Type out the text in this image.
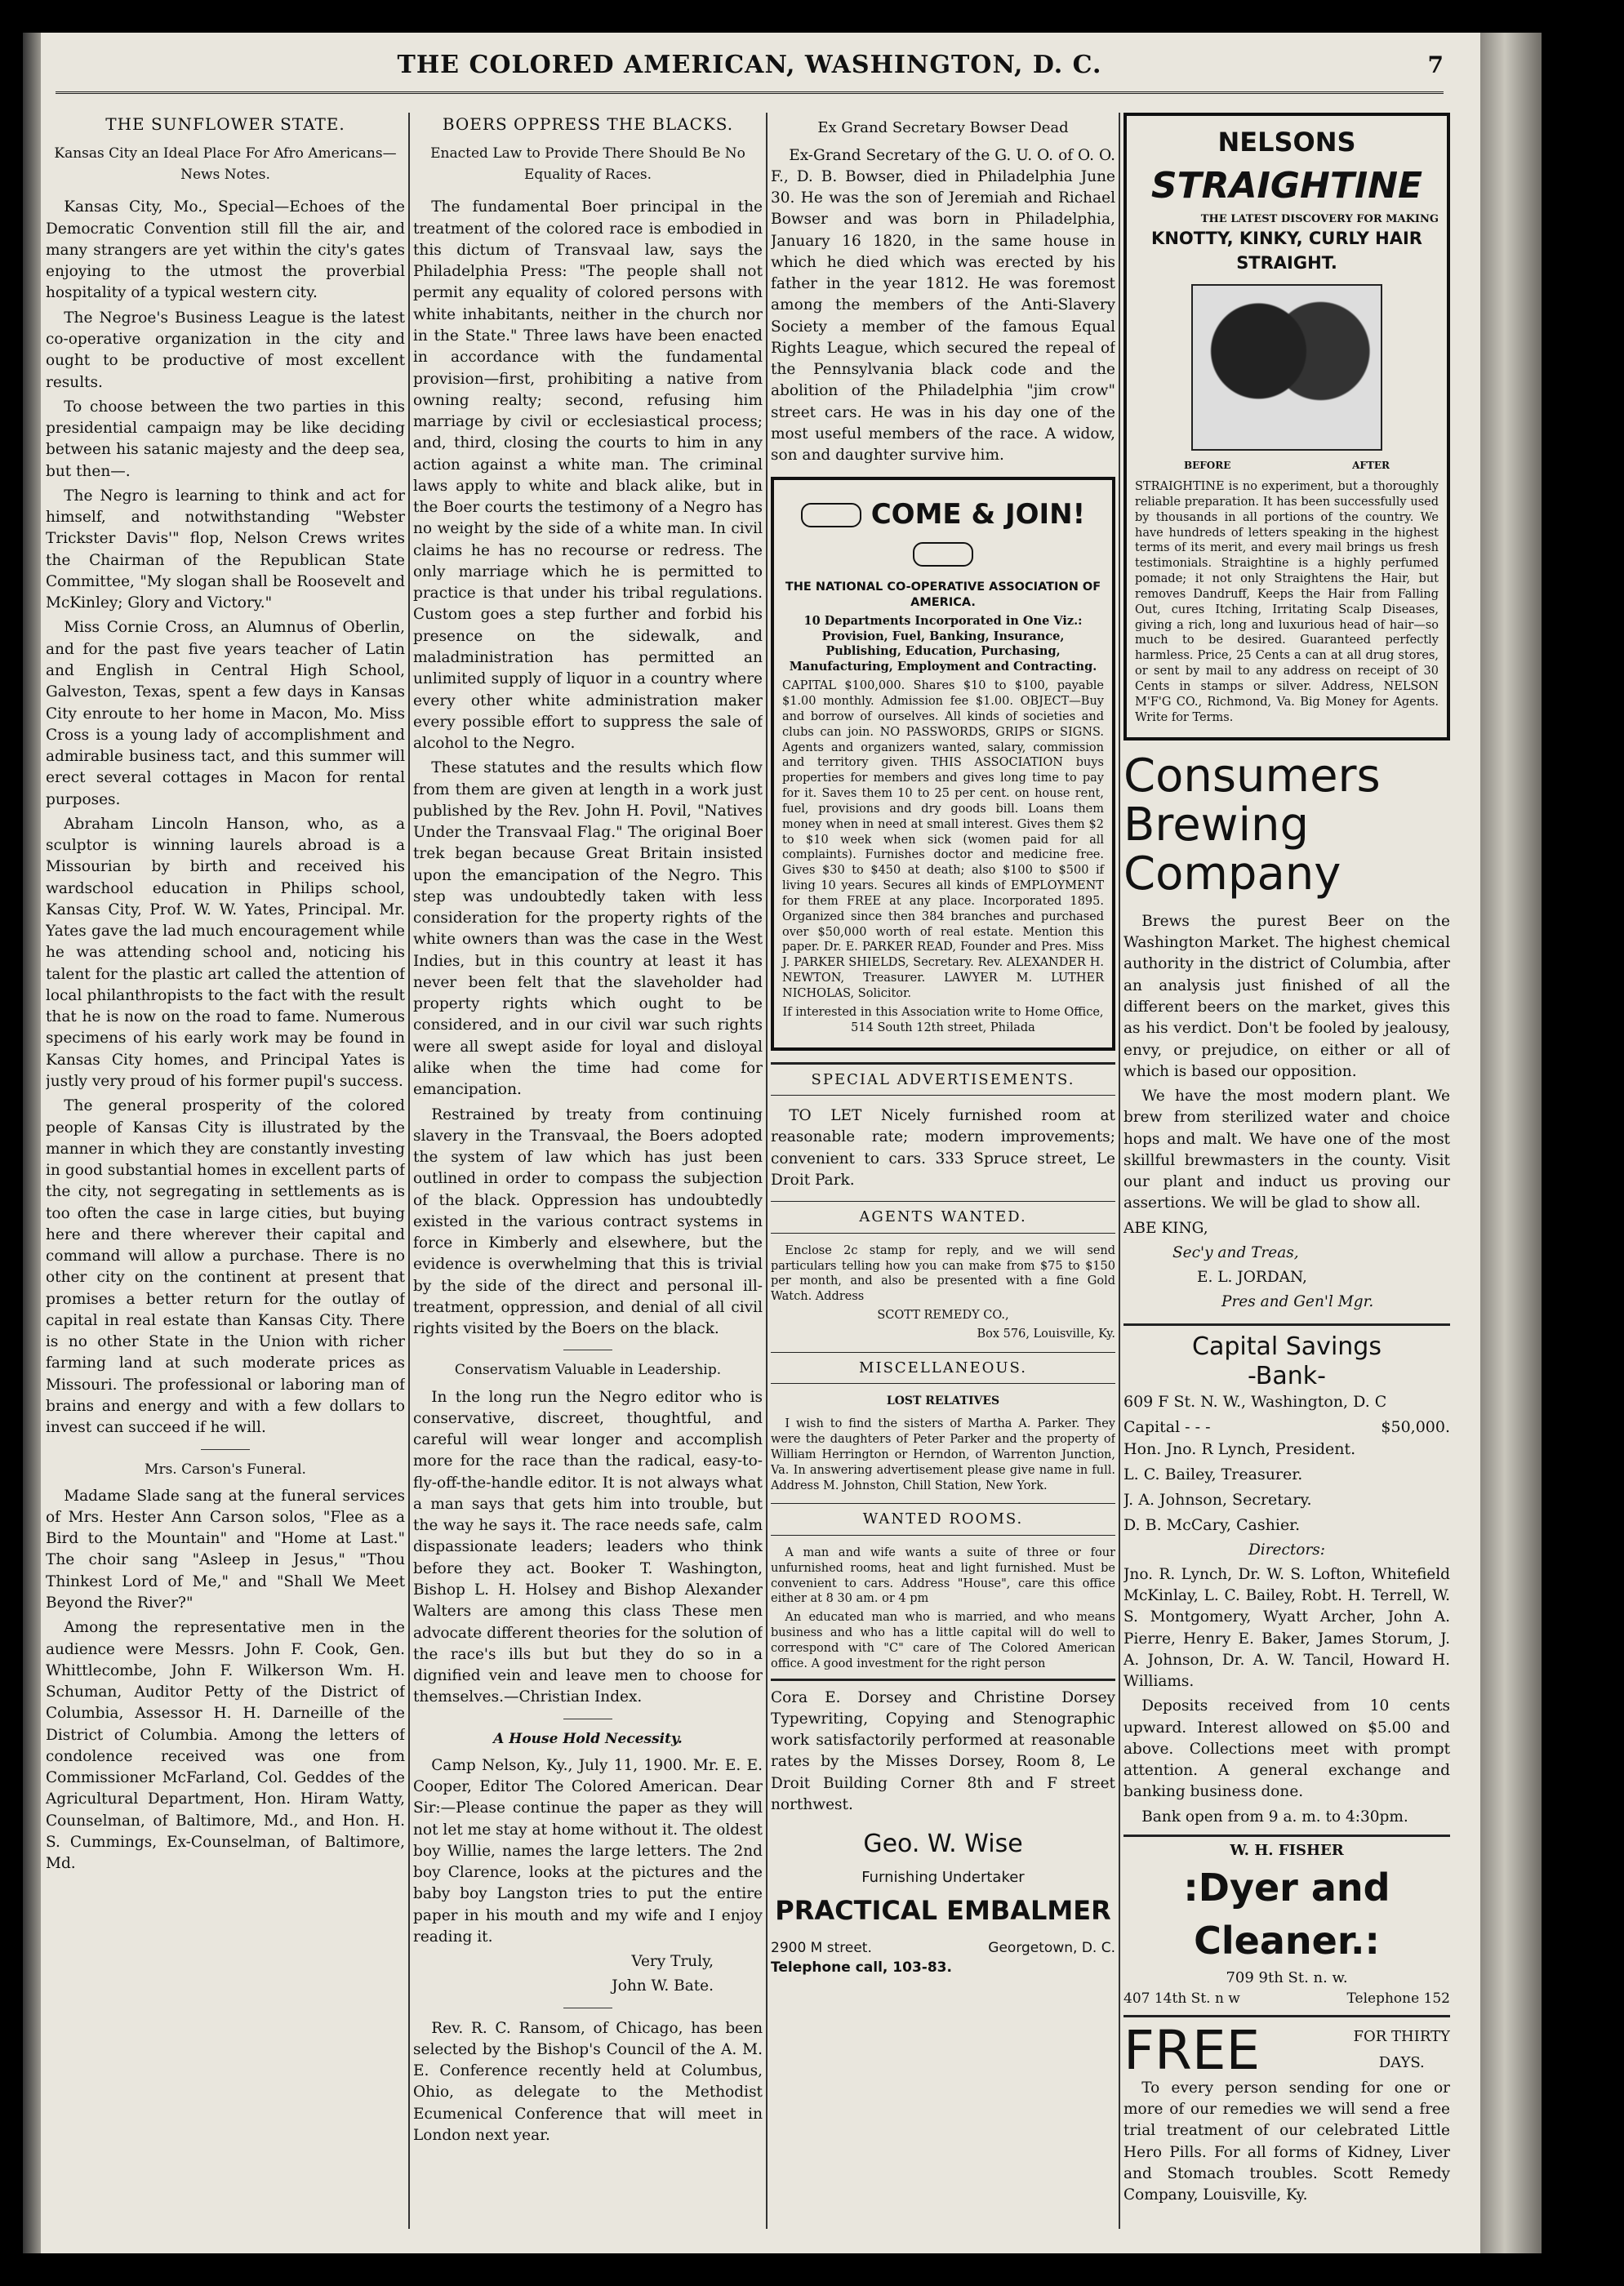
THE COLORED AMERICAN, WASHINGTON, D. C.	7
THE SUNFLOWER STATE.

Kansas City an Ideal Place For Afro Americans—News Notes.

Kansas City, Mo., Special—Echoes of the Democratic Convention still fill the air, and many strangers are yet within the city's gates enjoying to the utmost the proverbial hospitality of a typical western city.

The Negroe's Business League is the latest co-operative organization in the city and ought to be productive of most excellent results.

To choose between the two parties in this presidential campaign may be like deciding between his satanic majesty and the deep sea, but then—.

The Negro is learning to think and act for himself, and notwithstanding "Webster Trickster Davis'" flop, Nelson Crews writes the Chairman of the Republican State Committee, "My slogan shall be Roosevelt and McKinley; Glory and Victory."

Miss Cornie Cross, an Alumnus of Oberlin, and for the past five years teacher of Latin and English in Central High School, Galveston, Texas, spent a few days in Kansas City enroute to her home in Macon, Mo. Miss Cross is a young lady of accomplishment and admirable business tact, and this summer will erect several cottages in Macon for rental purposes.

Abraham Lincoln Hanson, who, as a sculptor is winning laurels abroad is a Missourian by birth and received his wardschool education in Philips school, Kansas City, Prof. W. W. Yates, Principal. Mr. Yates gave the lad much encouragement while he was attending school and, noticing his talent for the plastic art called the attention of local philanthropists to the fact with the result that he is now on the road to fame. Numerous specimens of his early work may be found in Kansas City homes, and Principal Yates is justly very proud of his former pupil's success.

The general prosperity of the colored people of Kansas City is illustrated by the manner in which they are constantly investing in good substantial homes in excellent parts of the city, not segregating in settlements as is too often the case in large cities, but buying here and there wherever their capital and command will allow a purchase. There is no other city on the continent at present that promises a better return for the outlay of capital in real estate than Kansas City. There is no other State in the Union with richer farming land at such moderate prices as Missouri. The professional or laboring man of brains and energy and with a few dollars to invest can succeed if he will.

Mrs. Carson's Funeral.

Madame Slade sang at the funeral services of Mrs. Hester Ann Carson solos, "Flee as a Bird to the Mountain" and "Home at Last." The choir sang "Asleep in Jesus," "Thou Thinkest Lord of Me," and "Shall We Meet Beyond the River?"

Among the representative men in the audience were Messrs. John F. Cook, Gen. Whittlecombe, John F. Wilkerson Wm. H. Schuman, Auditor Petty of the District of Columbia, Assessor H. H. Darneille of the District of Columbia. Among the letters of condolence received was one from Commissioner McFarland, Col. Geddes of the Agricultural Department, Hon. Hiram Watty, Counselman, of Baltimore, Md., and Hon. H. S. Cummings, Ex-Counselman, of Baltimore, Md.

BOERS OPPRESS THE BLACKS.

Enacted Law to Provide There Should Be No Equality of Races.

The fundamental Boer principal in the treatment of the colored race is embodied in this dictum of Transvaal law, says the Philadelphia Press: "The people shall not permit any equality of colored persons with white inhabitants, neither in the church nor in the State." Three laws have been enacted in accordance with the fundamental provision—first, prohibiting a native from owning realty; second, refusing him marriage by civil or ecclesiastical process; and, third, closing the courts to him in any action against a white man. The criminal laws apply to white and black alike, but in the Boer courts the testimony of a Negro has no weight by the side of a white man. In civil claims he has no recourse or redress. The only marriage which he is permitted to practice is that under his tribal regulations. Custom goes a step further and forbid his presence on the sidewalk, and maladministration has permitted an unlimited supply of liquor in a country where every other white administration maker every possible effort to suppress the sale of alcohol to the Negro.

These statutes and the results which flow from them are given at length in a work just published by the Rev. John H. Povil, "Natives Under the Transvaal Flag." The original Boer trek began because Great Britain insisted upon the emancipation of the Negro. This step was undoubtedly taken with less consideration for the property rights of the white owners than was the case in the West Indies, but in this country at least it has never been felt that the slaveholder had property rights which ought to be considered, and in our civil war such rights were all swept aside for loyal and disloyal alike when the time had come for emancipation.

Restrained by treaty from continuing slavery in the Transvaal, the Boers adopted the system of law which has just been outlined in order to compass the subjection of the black. Oppression has undoubtedly existed in the various contract systems in force in Kimberly and elsewhere, but the evidence is overwhelming that this is trivial by the side of the direct and personal ill-treatment, oppression, and denial of all civil rights visited by the Boers on the black.

Conservatism Valuable in Leadership.

In the long run the Negro editor who is conservative, discreet, thoughtful, and careful will wear longer and accomplish more for the race than the radical, easy-to-fly-off-the-handle editor. It is not always what a man says that gets him into trouble, but the way he says it. The race needs safe, calm dispassionate leaders; leaders who think before they act. Booker T. Washington, Bishop L. H. Holsey and Bishop Alexander Walters are among this class These men advocate different theories for the solution of the race's ills but but they do so in a dignified vein and leave men to choose for themselves.—Christian Index.

A House Hold Necessity.

Camp Nelson, Ky., July 11, 1900. Mr. E. E. Cooper, Editor The Colored American. Dear Sir:—Please continue the paper as they will not let me stay at home without it. The oldest boy Willie, names the large letters. The 2nd boy Clarence, looks at the pictures and the baby boy Langston tries to put the entire paper in his mouth and my wife and I enjoy reading it.

Very Truly,

John W. Bate.

Rev. R. C. Ransom, of Chicago, has been selected by the Bishop's Council of the A. M. E. Conference recently held at Columbus, Ohio, as delegate to the Methodist Ecumenical Conference that will meet in London next year.

Ex Grand Secretary Bowser Dead

Ex-Grand Secretary of the G. U. O. of O. O. F., D. B. Bowser, died in Philadelphia June 30. He was the son of Jeremiah and Richael Bowser and was born in Philadelphia, January 16 1820, in the same house in which he died which was erected by his father in the year 1812. He was foremost among the members of the Anti-Slavery Society a member of the famous Equal Rights League, which secured the repeal of the Pennsylvania black code and the abolition of the Philadelphia "jim crow" street cars. He was in his day one of the most useful members of the race. A widow, son and daughter survive him.

COME & JOIN!

THE NATIONAL CO-OPERATIVE ASSOCIATION OF AMERICA.

10 Departments Incorporated in One Viz.: Provision, Fuel, Banking, Insurance, Publishing, Education, Purchasing, Manufacturing, Employment and Contracting.

CAPITAL $100,000. Shares $10 to $100, payable $1.00 monthly. Admission fee $1.00. OBJECT—Buy and borrow of ourselves. All kinds of societies and clubs can join. NO PASSWORDS, GRIPS or SIGNS. Agents and organizers wanted, salary, commission and territory given. THIS ASSOCIATION buys properties for members and gives long time to pay for it. Saves them 10 to 25 per cent. on house rent, fuel, provisions and dry goods bill. Loans them money when in need at small interest. Gives them $2 to $10 week when sick (women paid for all complaints). Furnishes doctor and medicine free. Gives $30 to $450 at death; also $100 to $500 if living 10 years. Secures all kinds of EMPLOYMENT for them FREE at any place. Incorporated 1895. Organized since then 384 branches and purchased over $50,000 worth of real estate. Mention this paper. Dr. E. PARKER READ, Founder and Pres. Miss J. PARKER SHIELDS, Secretary. Rev. ALEXANDER H. NEWTON, Treasurer. LAWYER M. LUTHER NICHOLAS, Solicitor.

If interested in this Association write to Home Office, 514 South 12th street, Philada

SPECIAL ADVERTISEMENTS.

TO LET Nicely furnished room at reasonable rate; modern improvements; convenient to cars. 333 Spruce street, Le Droit Park.

AGENTS WANTED.

Enclose 2c stamp for reply, and we will send particulars telling how you can make from $75 to $150 per month, and also be presented with a fine Gold Watch. Address

SCOTT REMEDY CO.,

Box 576, Louisville, Ky.

MISCELLANEOUS.
LOST RELATIVES

I wish to find the sisters of Martha A. Parker. They were the daughters of Peter Parker and the property of William Herrington or Herndon, of Warrenton Junction, Va. In answering advertisement please give name in full. Address M. Johnston, Chill Station, New York.

WANTED ROOMS.

A man and wife wants a suite of three or four unfurnished rooms, heat and light furnished. Must be convenient to cars. Address "House", care this office either at 8 30 am. or 4 pm

An educated man who is married, and who means business and who has a little capital will do well to correspond with "C" care of The Colored American office. A good investment for the right person

Cora E. Dorsey and Christine Dorsey Typewriting, Copying and Stenographic work satisfactorily performed at reasonable rates by the Misses Dorsey, Room 8, Le Droit Building Corner 8th and F street northwest.

Geo. W. Wise
Furnishing Undertaker
PRACTICAL EMBALMER
2900 M street.	Georgetown, D. C.
Telephone call, 103-83.
NELSONS
STRAIGHTINE
THE LATEST DISCOVERY FOR MAKING
KNOTTY, KINKY, CURLY HAIR STRAIGHT.
BEFORE	AFTER

STRAIGHTINE is no experiment, but a thoroughly reliable preparation. It has been successfully used by thousands in all portions of the country. We have hundreds of letters speaking in the highest terms of its merit, and every mail brings us fresh testimonials. Straightine is a highly perfumed pomade; it not only Straightens the Hair, but removes Dandruff, Keeps the Hair from Falling Out, cures Itching, Irritating Scalp Diseases, giving a rich, long and luxurious head of hair—so much to be desired. Guaranteed perfectly harmless. Price, 25 Cents a can at all drug stores, or sent by mail to any address on receipt of 30 Cents in stamps or silver. Address, NELSON M'F'G CO., Richmond, Va. Big Money for Agents. Write for Terms.

Consumers Brewing Company

Brews the purest Beer on the Washington Market. The highest chemical authority in the district of Columbia, after an analysis just finished of all the different beers on the market, gives this as his verdict. Don't be fooled by jealousy, envy, or prejudice, on either or all of which is based our opposition.

We have the most modern plant. We brew from sterilized water and choice hops and malt. We have one of the most skillful brewmasters in the county. Visit our plant and induct us proving our assertions. We will be glad to show all.

ABE KING,

Sec'y and Treas,

E. L. JORDAN,

Pres and Gen'l Mgr.

Capital Savings
-Bank-

609 F St. N. W., Washington, D. C

Capital - - -	$50,000.

Hon. Jno. R Lynch, President.

L. C. Bailey, Treasurer.

J. A. Johnson, Secretary.

D. B. McCary, Cashier.

Directors:

Jno. R. Lynch, Dr. W. S. Lofton, Whitefield McKinlay, L. C. Bailey, Robt. H. Terrell, W. S. Montgomery, Wyatt Archer, John A. Pierre, Henry E. Baker, James Storum, J. A. Johnson, Dr. A. W. Tancil, Howard H. Williams.

Deposits received from 10 cents upward. Interest allowed on $5.00 and above. Collections meet with prompt attention. A general exchange and banking business done.

Bank open from 9 a. m. to 4:30pm.

W. H. FISHER
:Dyer and Cleaner.:
709 9th St. n. w.
407 14th St. n w	Telephone 152
FREE	FOR THIRTY
DAYS.

To every person sending for one or more of our remedies we will send a free trial treatment of our celebrated Little Hero Pills. For all forms of Kidney, Liver and Stomach troubles. Scott Remedy Company, Louisville, Ky.
